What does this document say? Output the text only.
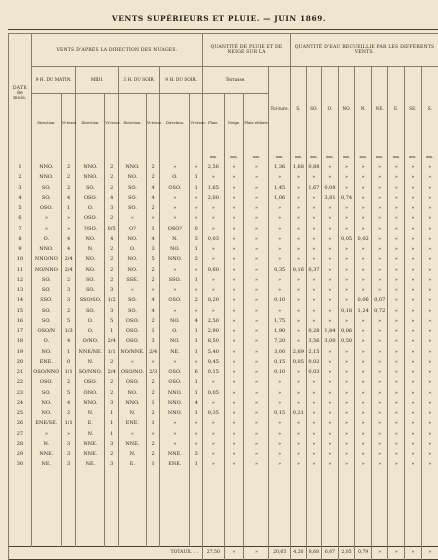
VENTS SUPÉRIEURS ET PLUIE. — JUIN 1869.
DATE
de
mois.	VENTS D'APRÈS LA DIRECTION DES NUAGES.								QUANTITÉ DE PLUIE ET DE NEIGE SUR LA				QUANTITÉ D'EAU RECUEILLIE PAR LES DIFFÉRENTS VENTS.								
	9 H. DU MATIN.		MIDI.		3 H. DU SOIR.		9 H. DU SOIR.		Terrasse.			Toi-ture.	S.	SO.	O.	NO.	N.	NE.	E.	SE.	S.
	Direction.	Vi-tesse.	Direction.	Vi-tesse.	Direction.	Vi-tesse.	Direction.	Vi-tesse.	Pluie.	Neige.	Pluie réduite.										
									mm.	mm.	mm.	mm.	mm.	mm.	mm.	mm.	mm.	mm.	mm.	mm.	mm.
1	NNO.	2	NNO.	2	NNO.	2	»	»	2,56	»	»	1,36	1,68	0,88	»	»	»	»	»	»	»
2	NNO.	2	NNO.	2	NO.	2	O.	1	»	»	»	»	»	»	»	»	»	»	»	»	»
3	SO.	2	SO.	2	SO.	4	OSO.	1	1,65	»	»	1,45	»	1,67	0,08	»	»	»	»	»	»
4	SO.	4	OSO.	4	SO.	4	»	»	2,00	»	»	1,06	»	»	3,81	0,74	»	»	»	»	»
5	OSO.	1	O.	3	SO.	2	»	»	»	»	»	»	»	»	»	»	»	»	»	»	»
6	»	»	OSO.	2	»	»	»	»	»	»	»	»	»	»	»	»	»	»	»	»	»
7	»	»	?/SO.	0/5	O?	1	OSO?	0	»	»	»	»	»	»	»	»	»	»	»	»	»
8	O.	4	NO.	4	NO.	4	N.	3	0,03	»	»	»	»	»	»	0,05	0,02	»	»	»	»
9	NNO.	4	N.	2	O.	3	NO.	1	»	»	»	»	»	»	»	»	»	»	»	»	»
10	NNO/NO	2/4	NO.	2	NO.	5	NNO.	2	»	»	»	»	»	»	»	»	»	»	»	»	»
11	NO/NNO	2/4	NO.	2	NO.	2	»	»	0,60	»	»	0,35	0,16	0,37	»	»	»	»	»	»	»
12	SO.	2	SO.	2	SSE.	2	SSO.	1	»	»	»	»	»	»	»	»	»	»	»	»	»
13	SO.	3	SO.	3	»	»	»	»	»	»	»	»	»	»	»	»	»	»	»	»	»
14	SSO.	3	SSO/SO.	1/2	SO.	4	OSO.	2	0,20	»	»	0,10	»	»	»	»	0,06	0,07	»	»	»
15	SO.	2	SO.	3	SO.	4	»	»	»	»	»	»	»	»	»	0,18	1,24	0,72	»	»	»
16	SO.	5	O.	5	OSO.	2	NO.	4	2,50	»	»	1,75	»	»	»	»	»	»	»	»	»
17	OSO/N	1/3	O.	1	OSO.	1	O.	1	2,90	»	»	1,90	»	0,28	1,84	0,06	»	»	»	»	»
18	O.	4	O/NO.	2/4	OSO.	3	NO.	1	8,50	»	»	7,20	»	3,56	3,00	0,50	»	»	»	»	»
19	NO.	1	NNE/NE.	1/1	NO/NNE.	2/4	NE.	1	5,40	»	»	3,00	2,69	2,15	»	»	»	»	»	»	»
20	ENE.	0	N.	2	»	»	»	»	0,45	»	»	0,15	0,05	0,02	»	»	»	»	»	»	»
21	OSO/NNO	1/1	SO/NNO.	2/4	OSO/NO.	2/3	OSO.	6	0,15	»	»	0,10	»	0,03	»	»	»	»	»	»	»
22	OSO.	2	OSO.	2	OSO.	2	OSO.	1	»	»	»	»	»	»	»	»	»	»	»	»	»
23	SO.	5	ONO.	2	NO.	2	NNO.	1	0,05	»	»	»	»	»	»	»	»	»	»	»	»
24	NO.	4	NNO.	3	NNO.	1	NNO.	4	»	»	»	»	»	»	»	»	»	»	»	»	»
25	NO.	2	N.	1	N.	2	NNO.	1	0,35	»	»	0,15	0,21	»	»	»	»	»	»	»	»
26	ENE/SE.	1/1	E.	1	ENE.	1	»	»	»	»	»	»	»	»	»	»	»	»	»	»	»
27	»	»	N.	1	»	»	»	»	»	»	»	»	»	»	»	»	»	»	»	»	»
28	N.	3	NNE.	3	NNE.	2	»	»	»	»	»	»	»	»	»	»	»	»	»	»	»
29	NNE.	3	NNE.	2	N.	2	NNE.	3	»	»	»	»	»	»	»	»	»	»	»	»	»
30	NE.	3	NE.	3	E.	1	ENE.	1	»	»	»	»	»	»	»	»	»	»	»	»	»

TOTAUX. . .									27,50	»	»	20,65	4,20	8,68	6,67	2,05	0,79	»	»	»	»
